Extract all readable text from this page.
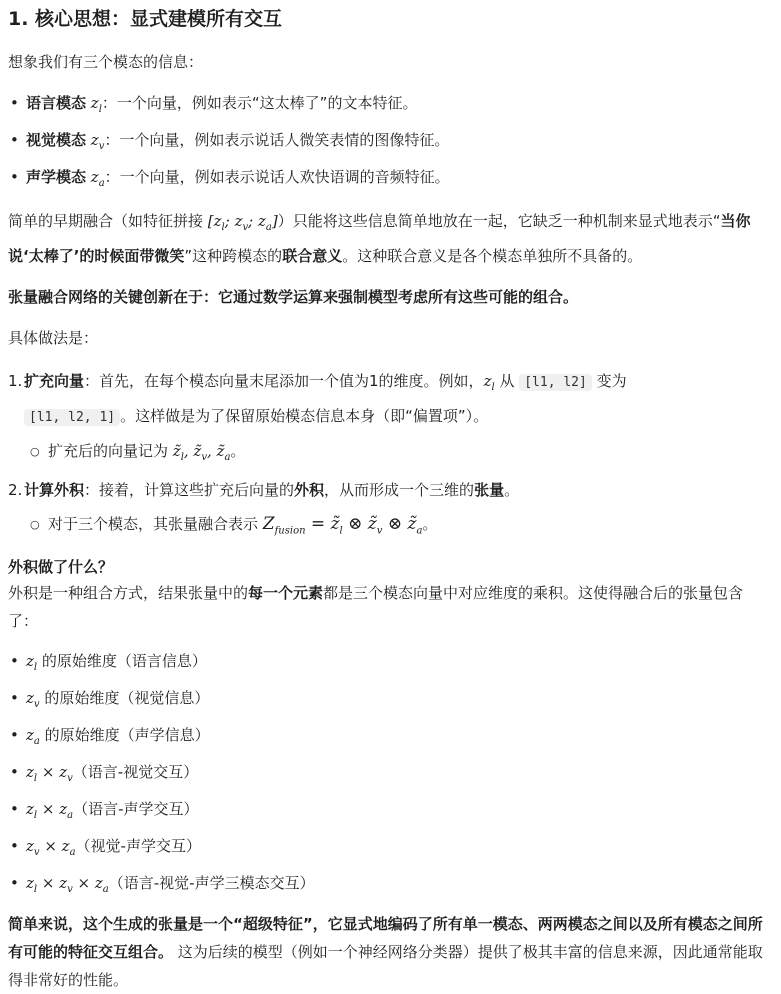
1. 核心思想：显式建模所有交互

想象我们有三个模态的信息：

• 语言模态 $z_l$：一个向量，例如表示“这太棒了”的文本特征。
• 视觉模态 $z_v$：一个向量，例如表示说话人微笑表情的图像特征。
• 声学模态 $z_a$：一个向量，例如表示说话人欢快语调的音频特征。

简单的早期融合（如特征拼接 [$z_l$; $z_v$; $z_a$]）只能将这些信息简单地放在一起，它缺乏一种机制来显式地表示“当你说‘太棒了’的时候面带微笑”这种跨模态的联合意义。这种联合意义是各个模态单独所不具备的。

张量融合网络的关键创新在于：它通过数学运算来强制模型考虑所有这些可能的组合。

具体做法是：

1. 扩充向量：首先，在每个模态向量末尾添加一个值为1的维度。例如，$z_l$ 从 [l1, l2] 变为
[l1, l2, 1] 。这样做是为了保留原始模态信息本身（即“偏置项”）。
○ 扩充后的向量记为 $z̃_l$, $z̃_v$, $z̃_a$。
2. 计算外积：接着，计算这些扩充后向量的外积，从而形成一个三维的张量。
○ 对于三个模态，其张量融合表示 $Z_{fusion}$ = $z̃_l$ ⊗ $z̃_v$ ⊗ $z̃_a$。

外积做了什么？

外积是一种组合方式，结果张量中的每一个元素都是三个模态向量中对应维度的乘积。这使得融合后的张量包含了：

• $z_l$ 的原始维度（语言信息）
• $z_v$ 的原始维度（视觉信息）
• $z_a$ 的原始维度（声学信息）
• $z_l \times z_v$（语言-视觉交互）
• $z_l \times z_a$（语言-声学交互）
• $z_v \times z_a$（视觉-声学交互）
• $z_l \times z_v \times z_a$（语言-视觉-声学三模态交互）

简单来说，这个生成的张量是一个“超级特征”，它显式地编码了所有单一模态、两两模态之间以及所有模态之间所有可能的特征交互组合。 这为后续的模型（例如一个神经网络分类器）提供了极其丰富的信息来源，因此通常能取得非常好的性能。
